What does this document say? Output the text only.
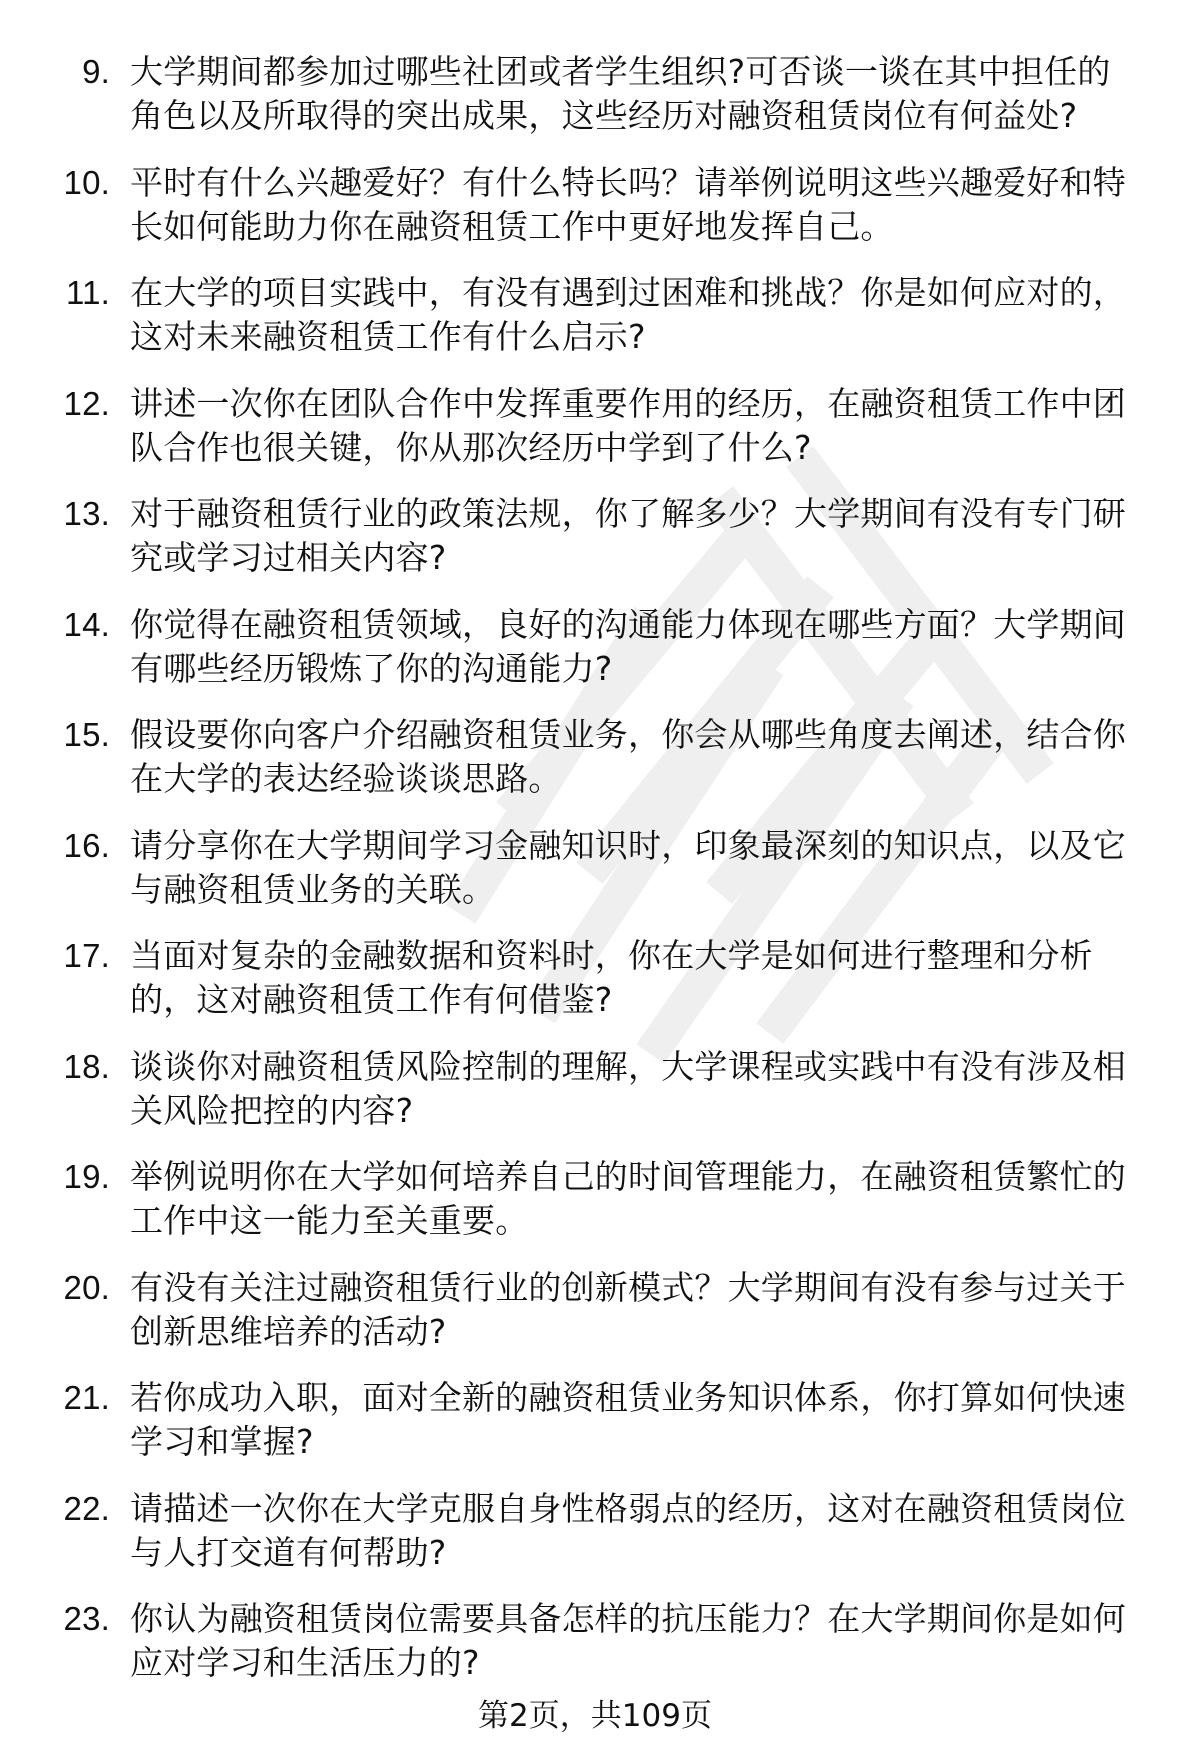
9. 大学期间都参加过哪些社团或者学生组织?可否谈一谈在其中担任的角色以及所取得的突出成果，这些经历对融资租赁岗位有何益处?
10. 平时有什么兴趣爱好？有什么特长吗？请举例说明这些兴趣爱好和特长如何能助力你在融资租赁工作中更好地发挥自己。
11. 在大学的项目实践中，有没有遇到过困难和挑战？你是如何应对的，这对未来融资租赁工作有什么启示?
12. 讲述一次你在团队合作中发挥重要作用的经历，在融资租赁工作中团队合作也很关键，你从那次经历中学到了什么?
13. 对于融资租赁行业的政策法规，你了解多少？大学期间有没有专门研究或学习过相关内容?
14. 你觉得在融资租赁领域，良好的沟通能力体现在哪些方面？大学期间有哪些经历锻炼了你的沟通能力?
15. 假设要你向客户介绍融资租赁业务，你会从哪些角度去阐述，结合你在大学的表达经验谈谈思路。
16. 请分享你在大学期间学习金融知识时，印象最深刻的知识点，以及它与融资租赁业务的关联。
17. 当面对复杂的金融数据和资料时，你在大学是如何进行整理和分析的，这对融资租赁工作有何借鉴?
18. 谈谈你对融资租赁风险控制的理解，大学课程或实践中有没有涉及相关风险把控的内容?
19. 举例说明你在大学如何培养自己的时间管理能力，在融资租赁繁忙的工作中这一能力至关重要。
20. 有没有关注过融资租赁行业的创新模式？大学期间有没有参与过关于创新思维培养的活动?
21. 若你成功入职，面对全新的融资租赁业务知识体系，你打算如何快速学习和掌握?
22. 请描述一次你在大学克服自身性格弱点的经历，这对在融资租赁岗位与人打交道有何帮助?
23. 你认为融资租赁岗位需要具备怎样的抗压能力？在大学期间你是如何应对学习和生活压力的?
第2页，共109页
